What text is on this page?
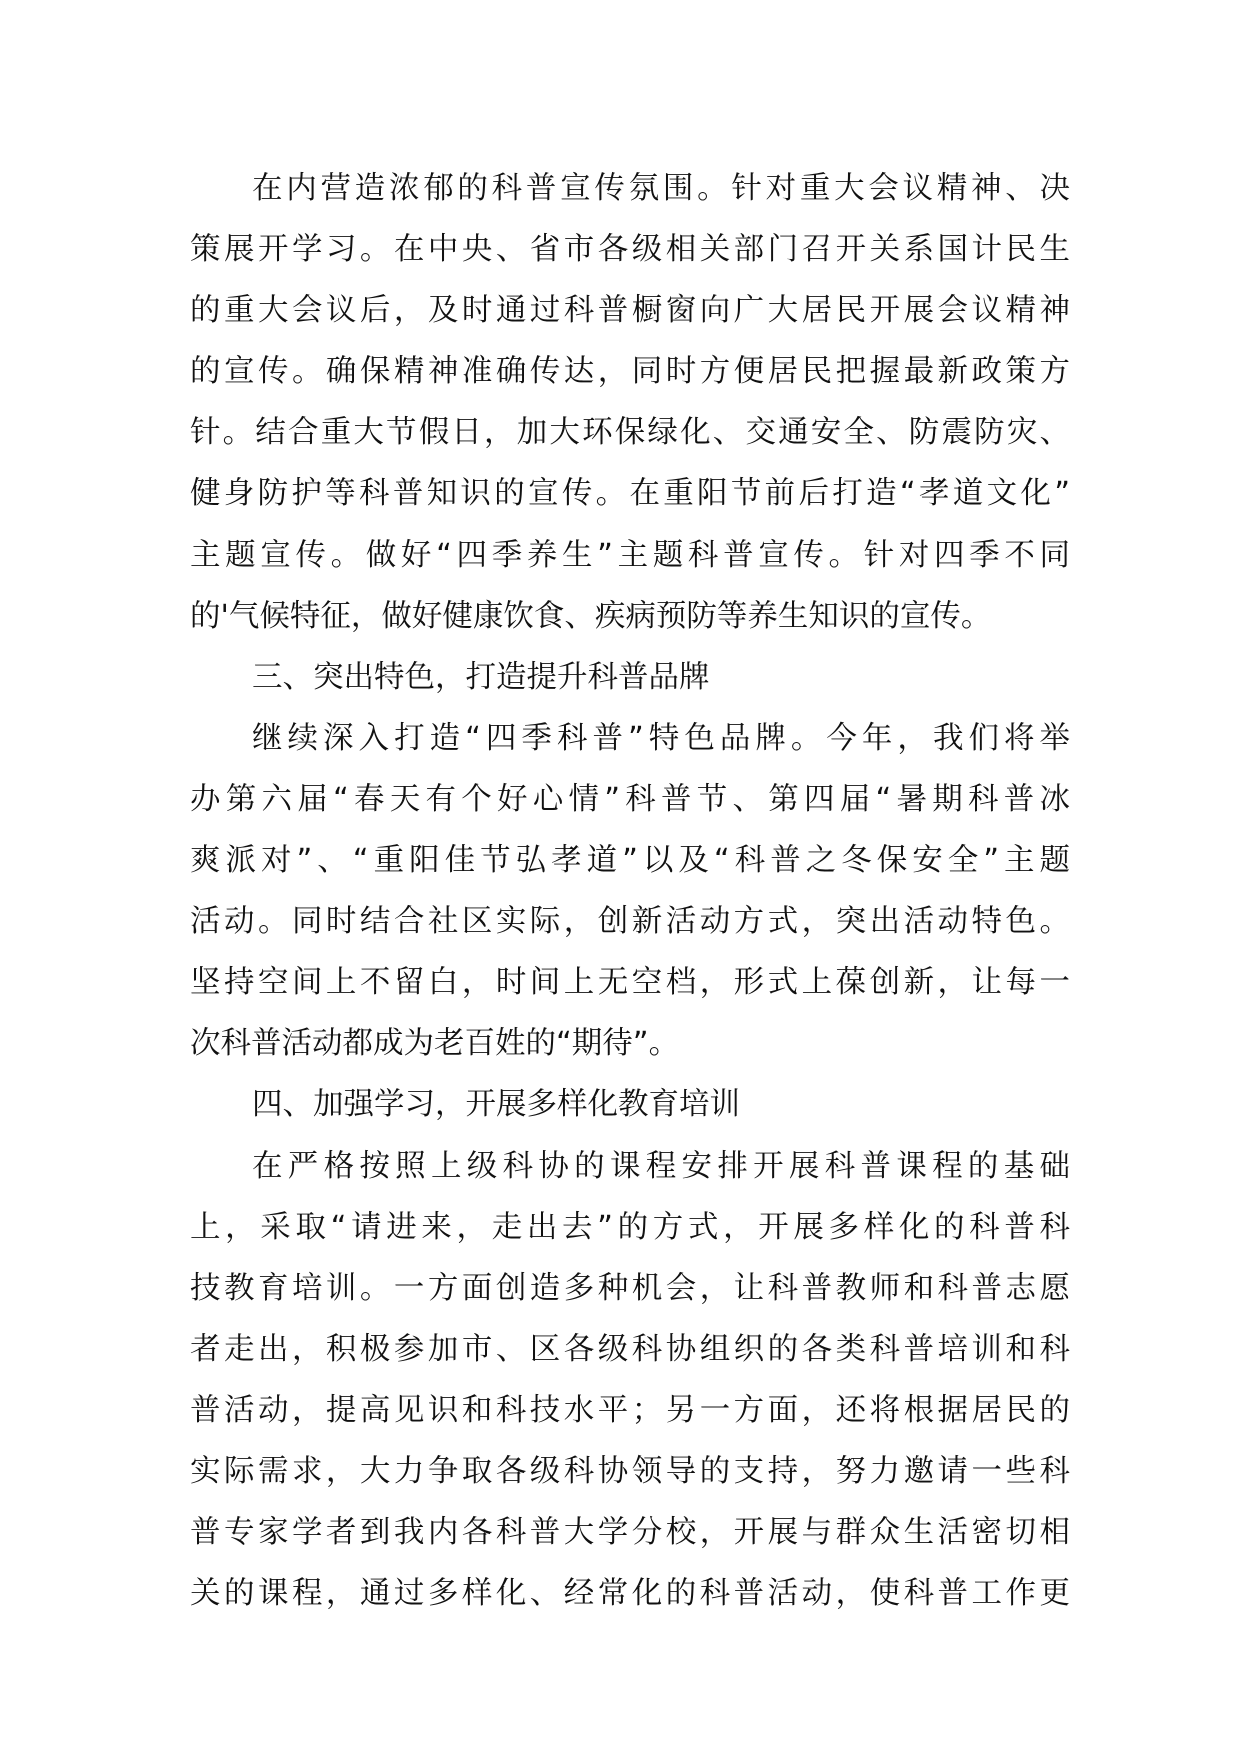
在内营造浓郁的科普宣传氛围。针对重大会议精神、决
策展开学习。在中央、省市各级相关部门召开关系国计民生
的重大会议后，及时通过科普橱窗向广大居民开展会议精神
的宣传。确保精神准确传达，同时方便居民把握最新政策方
针。结合重大节假日，加大环保绿化、交通安全、防震防灾、
健身防护等科普知识的宣传。在重阳节前后打造“孝道文化”
主题宣传。做好“四季养生”主题科普宣传。针对四季不同
的'气候特征，做好健康饮食、疾病预防等养生知识的宣传。
三、突出特色，打造提升科普品牌
继续深入打造“四季科普”特色品牌。今年，我们将举
办第六届“春天有个好心情”科普节、第四届“暑期科普冰
爽派对”、“重阳佳节弘孝道”以及“科普之冬保安全”主题
活动。同时结合社区实际，创新活动方式，突出活动特色。
坚持空间上不留白，时间上无空档，形式上葆创新，让每一
次科普活动都成为老百姓的“期待”。
四、加强学习，开展多样化教育培训
在严格按照上级科协的课程安排开展科普课程的基础
上，采取“请进来，走出去”的方式，开展多样化的科普科
技教育培训。一方面创造多种机会，让科普教师和科普志愿
者走出，积极参加市、区各级科协组织的各类科普培训和科
普活动，提高见识和科技水平；另一方面，还将根据居民的
实际需求，大力争取各级科协领导的支持，努力邀请一些科
普专家学者到我内各科普大学分校，开展与群众生活密切相
关的课程，通过多样化、经常化的科普活动，使科普工作更
